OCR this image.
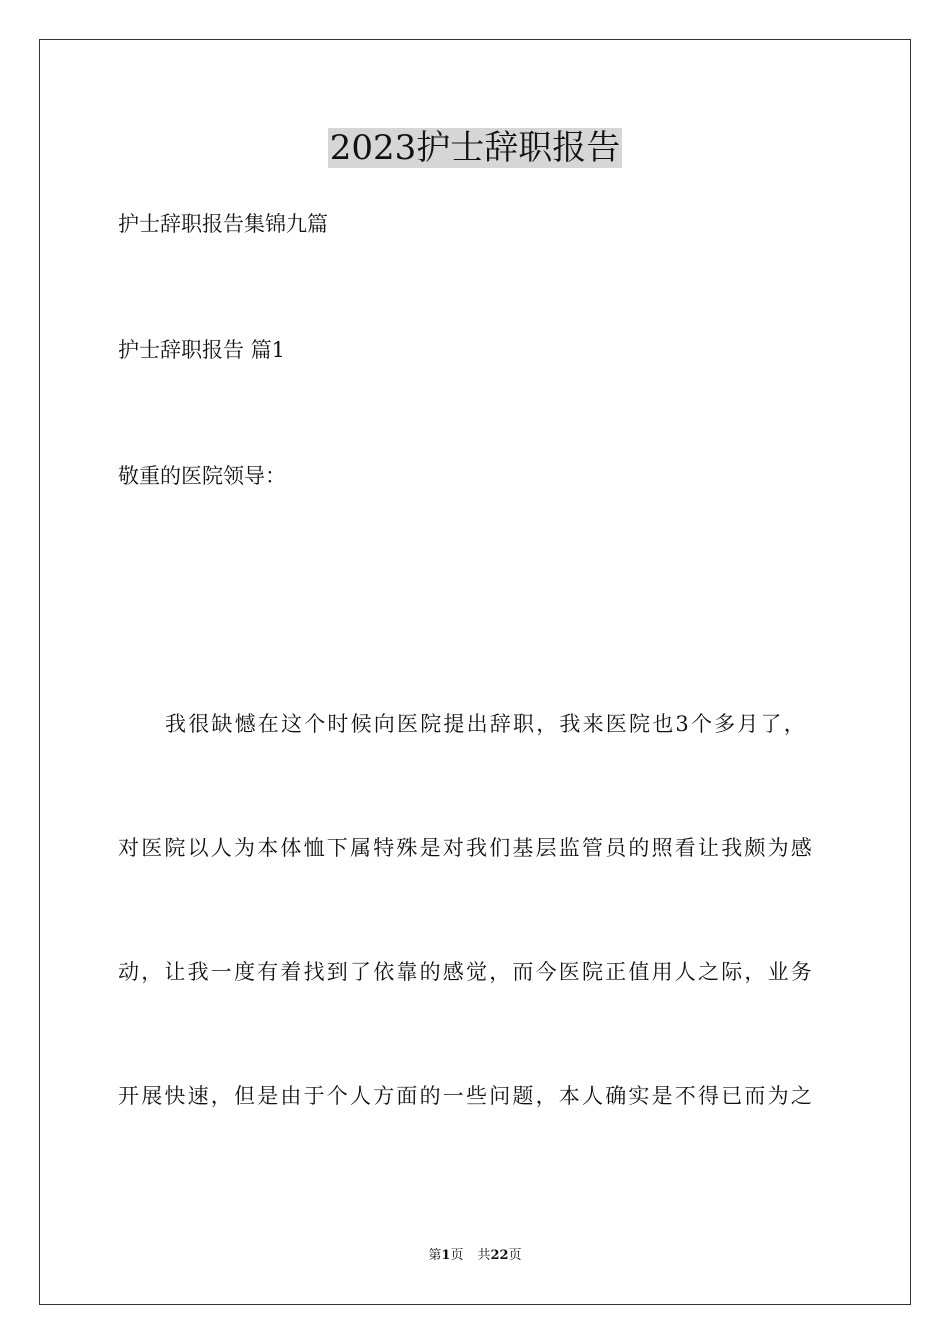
2023护士辞职报告
护士辞职报告集锦九篇
护士辞职报告 篇1
敬重的医院领导：
我很缺憾在这个时候向医院提出辞职，我来医院也3个多月了，
对医院以人为本体恤下属特殊是对我们基层监管员的照看让我颇为感
动，让我一度有着找到了依靠的感觉，而今医院正值用人之际，业务
开展快速，但是由于个人方面的一些问题，本人确实是不得已而为之
第1页 共22页
